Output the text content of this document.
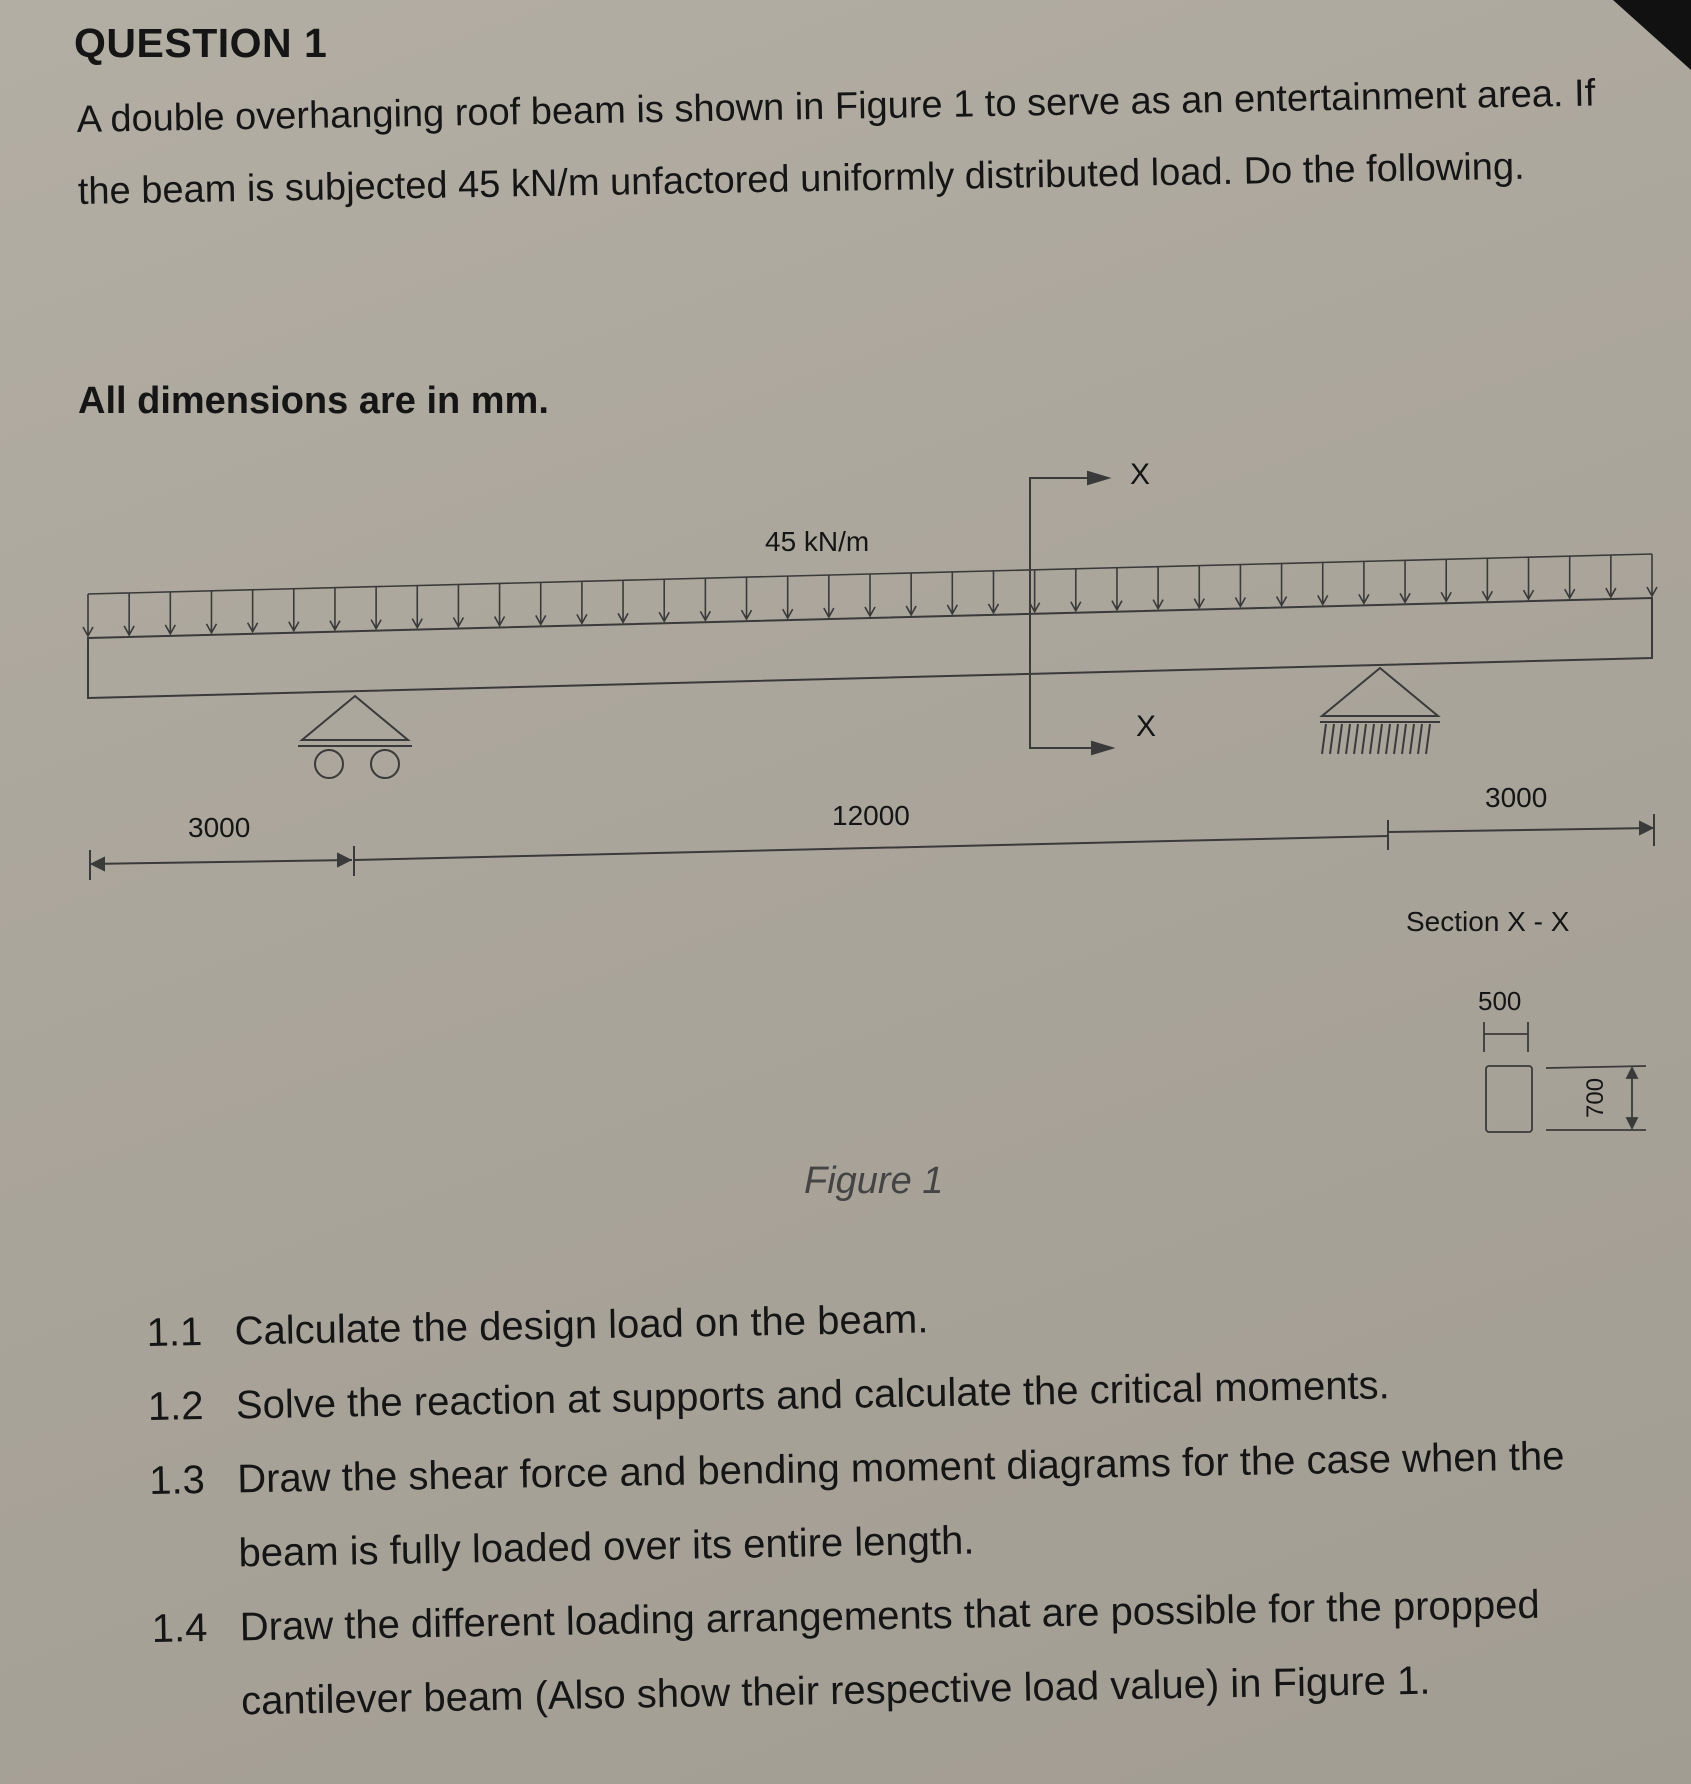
QUESTION 1
A double overhanging roof beam is shown in Figure 1 to serve as an entertainment area. If the beam is subjected 45 kN/m unfactored uniformly distributed load. Do the following.
All dimensions are in mm.
45 kN/m
X
X
3000	12000
3000
Section X - X
500
700
Figure 1
1.1 Calculate the design load on the beam.
1.2 Solve the reaction at supports and calculate the critical moments.
1.3 Draw the shear force and bending moment diagrams for the case when the beam is fully loaded over its entire length.
1.4 Draw the different loading arrangements that are possible for the propped cantilever beam (Also show their respective load value) in Figure 1.
